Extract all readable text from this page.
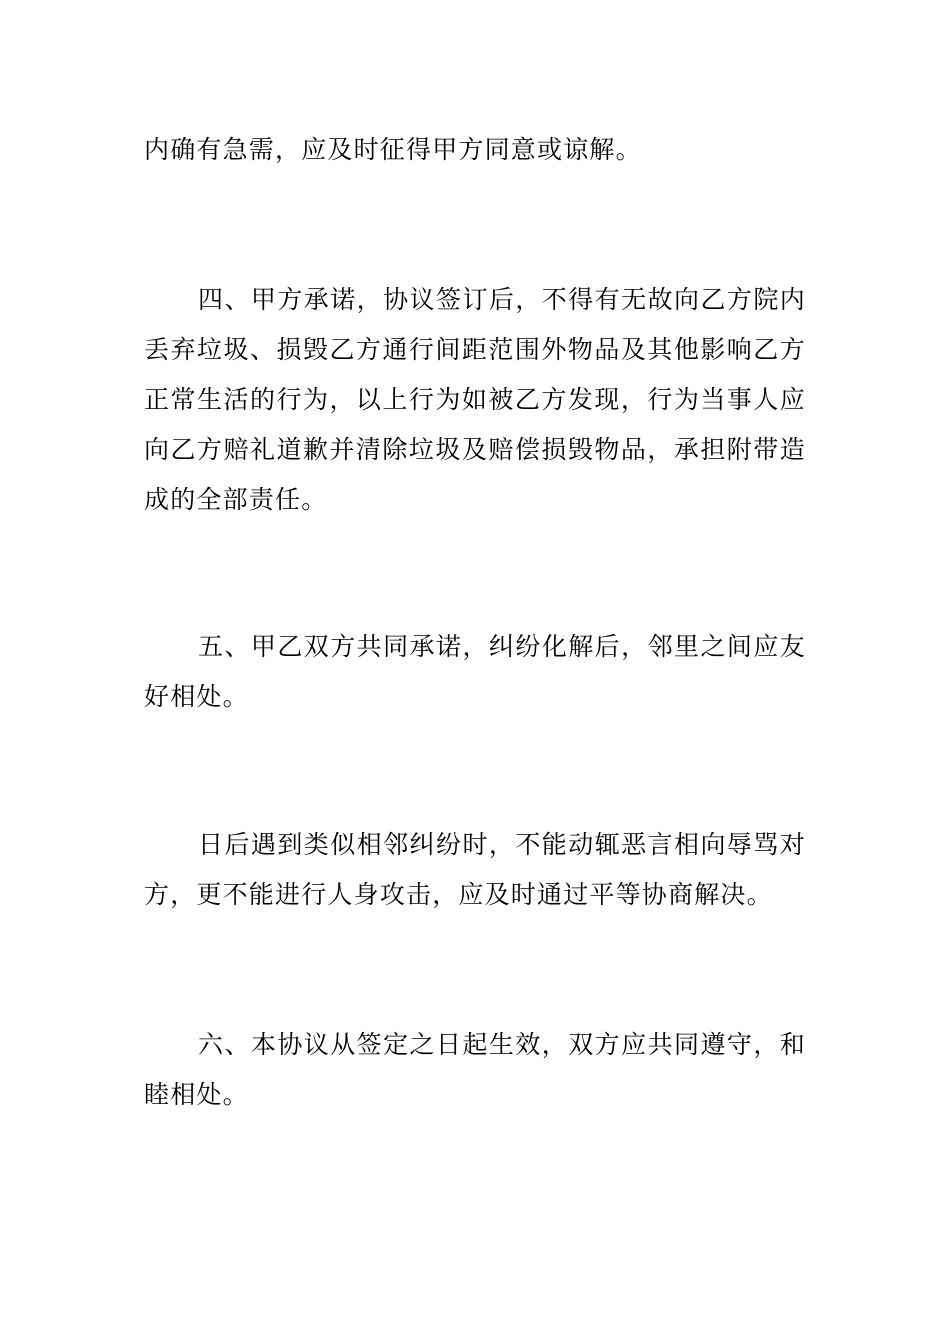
内确有急需，应及时征得甲方同意或谅解。

四、甲方承诺，协议签订后，不得有无故向乙方院内丢弃垃圾、损毁乙方通行间距范围外物品及其他影响乙方正常生活的行为，以上行为如被乙方发现，行为当事人应向乙方赔礼道歉并清除垃圾及赔偿损毁物品，承担附带造成的全部责任。

五、甲乙双方共同承诺，纠纷化解后，邻里之间应友好相处。

日后遇到类似相邻纠纷时，不能动辄恶言相向辱骂对方，更不能进行人身攻击，应及时通过平等协商解决。

六、本协议从签定之日起生效，双方应共同遵守，和睦相处。
